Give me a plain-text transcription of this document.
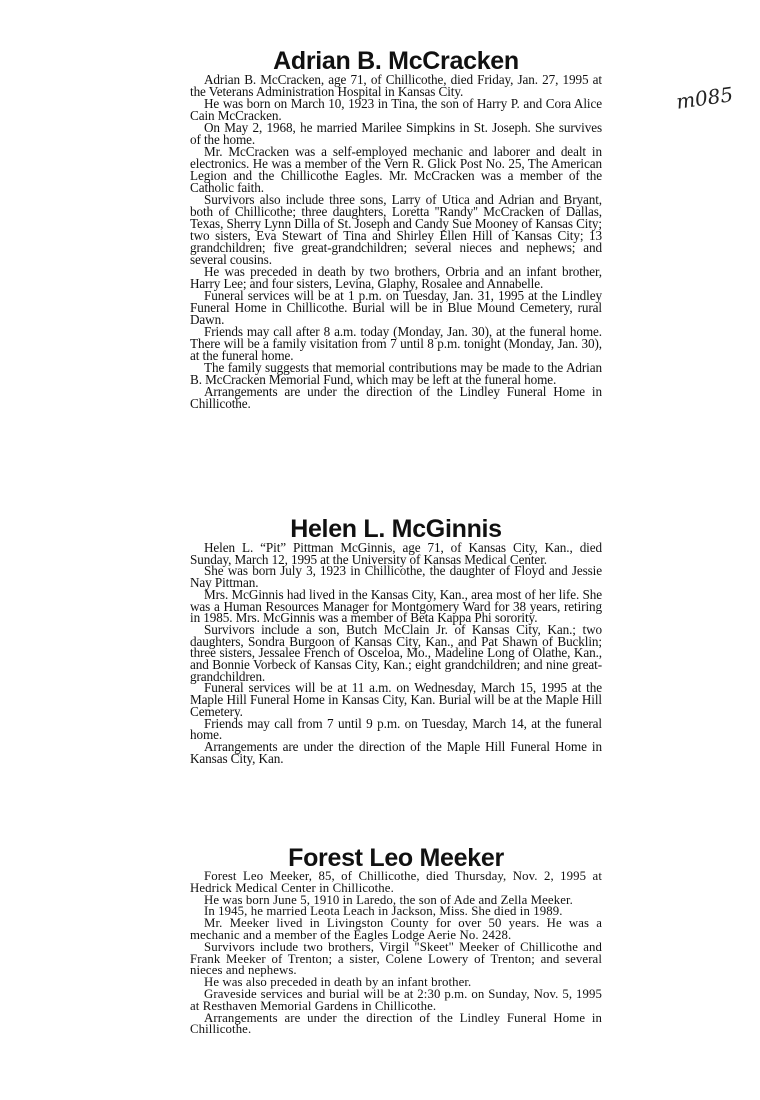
m085
Adrian B. McCracken

Adrian B. McCracken, age 71, of Chillicothe, died Friday, Jan. 27, 1995 at the Veterans Administration Hospital in Kansas City.

He was born on March 10, 1923 in Tina, the son of Harry P. and Cora Alice Cain McCracken.

On May 2, 1968, he married Marilee Simpkins in St. Joseph. She survives of the home.

Mr. McCracken was a self-employed mechanic and laborer and dealt in electronics. He was a member of the Vern R. Glick Post No. 25, The American Legion and the Chillicothe Eagles. Mr. McCracken was a member of the Catholic faith.

Survivors also include three sons, Larry of Utica and Adrian and Bryant, both of Chillicothe; three daughters, Loretta ''Randy'' McCracken of Dallas, Texas, Sherry Lynn Dilla of St. Joseph and Candy Sue Mooney of Kansas City; two sisters, Eva Stewart of Tina and Shirley Ellen Hill of Kansas City; 13 grandchildren; five great-grandchildren; several nieces and nephews; and several cousins.

He was preceded in death by two brothers, Orbria and an infant brother, Harry Lee; and four sisters, Levina, Glaphy, Rosalee and Annabelle.

Funeral services will be at 1 p.m. on Tuesday, Jan. 31, 1995 at the Lindley Funeral Home in Chillicothe. Burial will be in Blue Mound Cemetery, rural Dawn.

Friends may call after 8 a.m. today (Monday, Jan. 30), at the funeral home. There will be a family visitation from 7 until 8 p.m. tonight (Monday, Jan. 30), at the funeral home.

The family suggests that memorial contributions may be made to the Adrian B. McCracken Memorial Fund, which may be left at the funeral home.

Arrangements are under the direction of the Lindley Funeral Home in Chillicothe.

Helen L. McGinnis

Helen L. “Pit” Pittman McGinnis, age 71, of Kansas City, Kan., died Sunday, March 12, 1995 at the University of Kansas Medical Center.

She was born July 3, 1923 in Chillicothe, the daughter of Floyd and Jessie Nay Pittman.

Mrs. McGinnis had lived in the Kansas City, Kan., area most of her life. She was a Human Resources Manager for Montgomery Ward for 38 years, retiring in 1985. Mrs. McGinnis was a member of Beta Kappa Phi sorority.

Survivors include a son, Butch McClain Jr. of Kansas City, Kan.; two daughters, Sondra Burgoon of Kansas City, Kan., and Pat Shawn of Bucklin; three sisters, Jessalee French of Osceloa, Mo., Madeline Long of Olathe, Kan., and Bonnie Vorbeck of Kansas City, Kan.; eight grandchildren; and nine great-grandchildren.

Funeral services will be at 11 a.m. on Wednesday, March 15, 1995 at the Maple Hill Funeral Home in Kansas City, Kan. Burial will be at the Maple Hill Cemetery.

Friends may call from 7 until 9 p.m. on Tuesday, March 14, at the funeral home.

Arrangements are under the direction of the Maple Hill Funeral Home in Kansas City, Kan.

Forest Leo Meeker

Forest Leo Meeker, 85, of Chillicothe, died Thursday, Nov. 2, 1995 at Hedrick Medical Center in Chillicothe.

He was born June 5, 1910 in Laredo, the son of Ade and Zella Meeker.

In 1945, he married Leota Leach in Jackson, Miss. She died in 1989.

Mr. Meeker lived in Livingston County for over 50 years. He was a mechanic and a member of the Eagles Lodge Aerie No. 2428.

Survivors include two brothers, Virgil "Skeet" Meeker of Chillicothe and Frank Meeker of Trenton; a sister, Colene Lowery of Trenton; and several nieces and nephews.

He was also preceded in death by an infant brother.

Graveside services and burial will be at 2:30 p.m. on Sunday, Nov. 5, 1995 at Resthaven Memorial Gardens in Chillicothe.

Arrangements are under the direction of the Lindley Funeral Home in Chillicothe.
